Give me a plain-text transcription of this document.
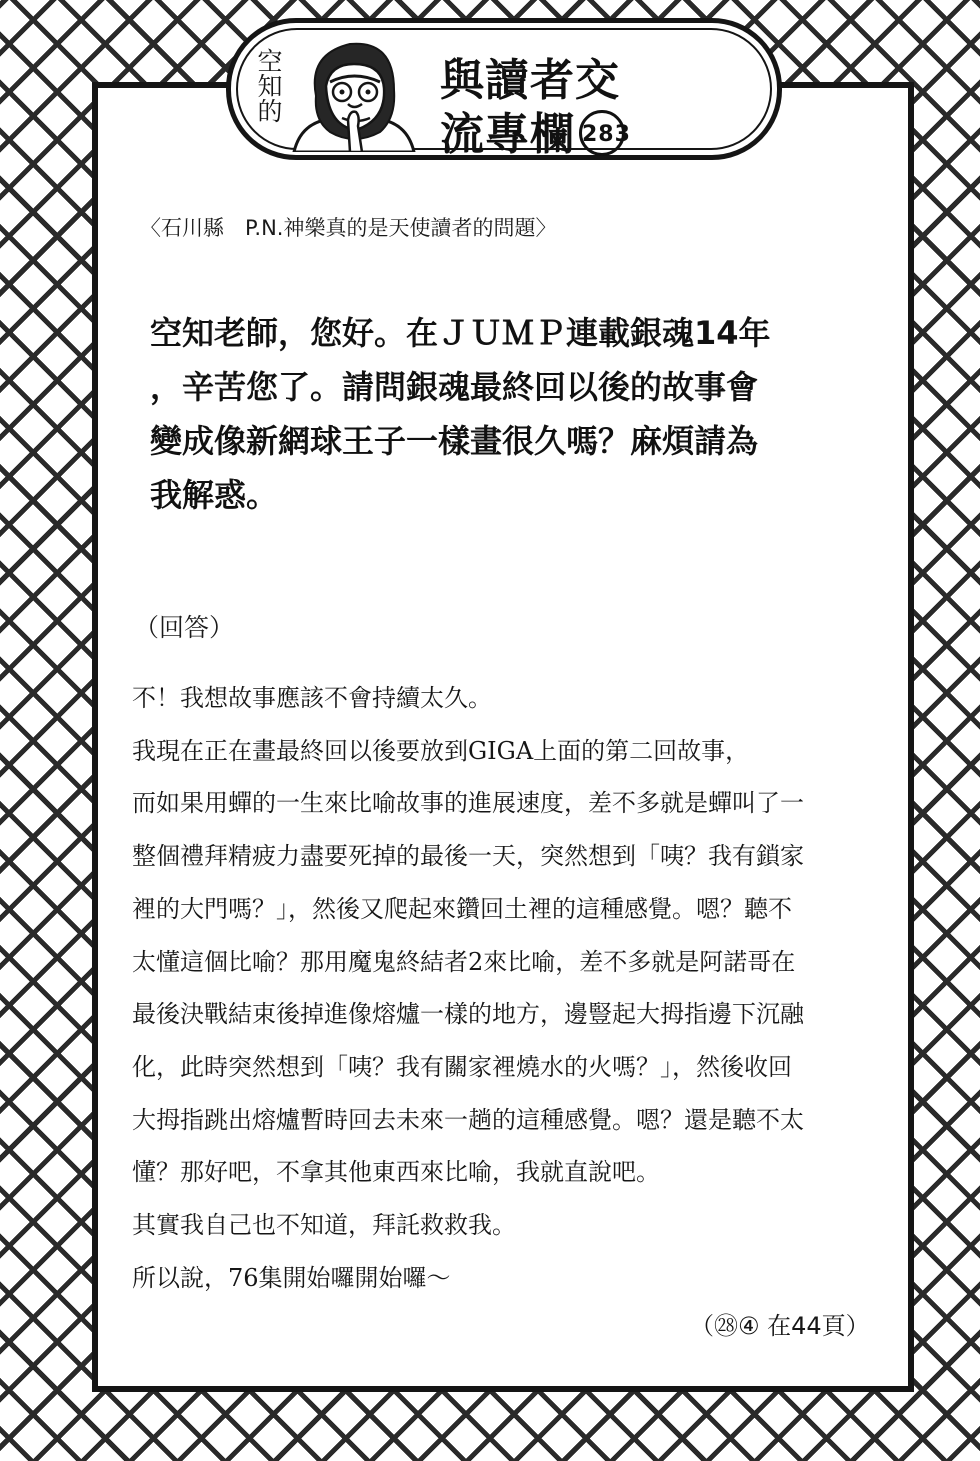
空知的	與讀者交
流專欄 283
〈石川縣　P.N.神樂真的是天使讀者的問題〉

空知老師，您好。在ＪＵＭＰ連載銀魂14年
，辛苦您了。請問銀魂最終回以後的故事會
變成像新網球王子一樣畫很久嗎？麻煩請為
我解惑。

（回答）

不！我想故事應該不會持續太久。
我現在正在畫最終回以後要放到GIGA上面的第二回故事，
而如果用蟬的一生來比喻故事的進展速度，差不多就是蟬叫了一
整個禮拜精疲力盡要死掉的最後一天，突然想到「咦？我有鎖家
裡的大門嗎？」，然後又爬起來鑽回土裡的這種感覺。嗯？聽不
太懂這個比喻？那用魔鬼終結者2來比喻，差不多就是阿諾哥在
最後決戰結束後掉進像熔爐一樣的地方，邊豎起大拇指邊下沉融
化，此時突然想到「咦？我有關家裡燒水的火嗎？」，然後收回
大拇指跳出熔爐暫時回去未來一趟的這種感覺。嗯？還是聽不太
懂？那好吧，不拿其他東西來比喻，我就直說吧。
其實我自己也不知道，拜託救救我。
所以說，76集開始囉開始囉～

（㉘④ 在44頁）
